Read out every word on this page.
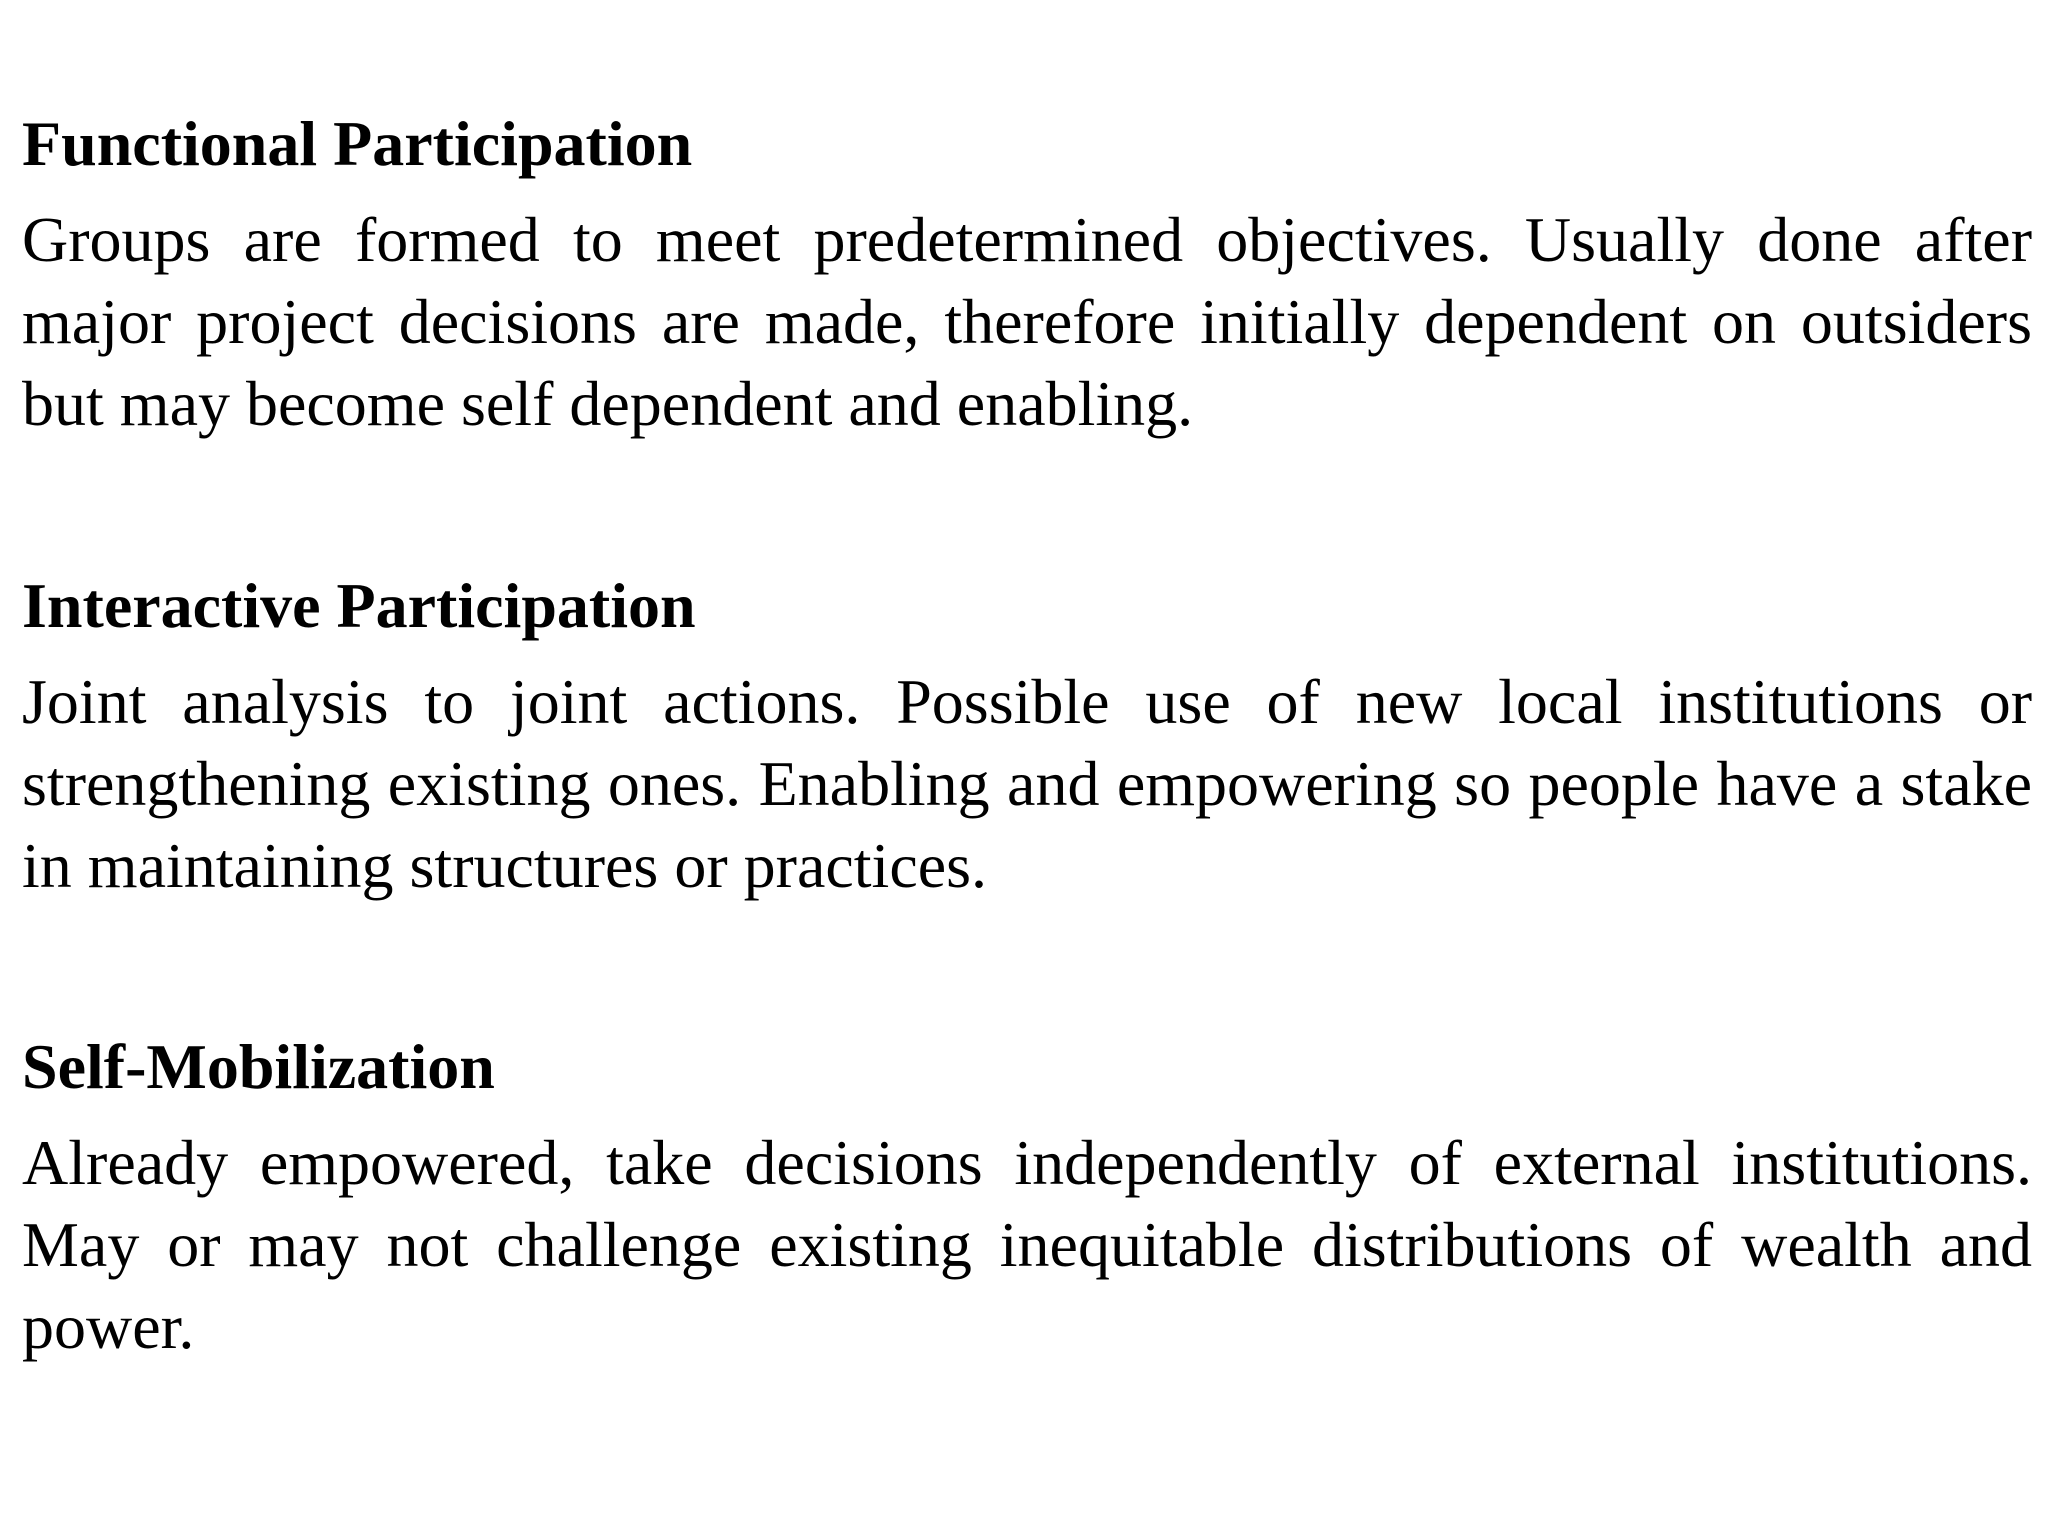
Functional Participation

Groups are formed to meet predetermined objectives. Usually done after major project decisions are made, therefore initially dependent on outsiders but may become self dependent and enabling.

Interactive Participation

Joint analysis to joint actions. Possible use of new local institutions or strengthening existing ones. Enabling and empowering so people have a stake in maintaining structures or practices.

Self-Mobilization

Already empowered, take decisions independently of external institutions. May or may not challenge existing inequitable distributions of wealth and power.
